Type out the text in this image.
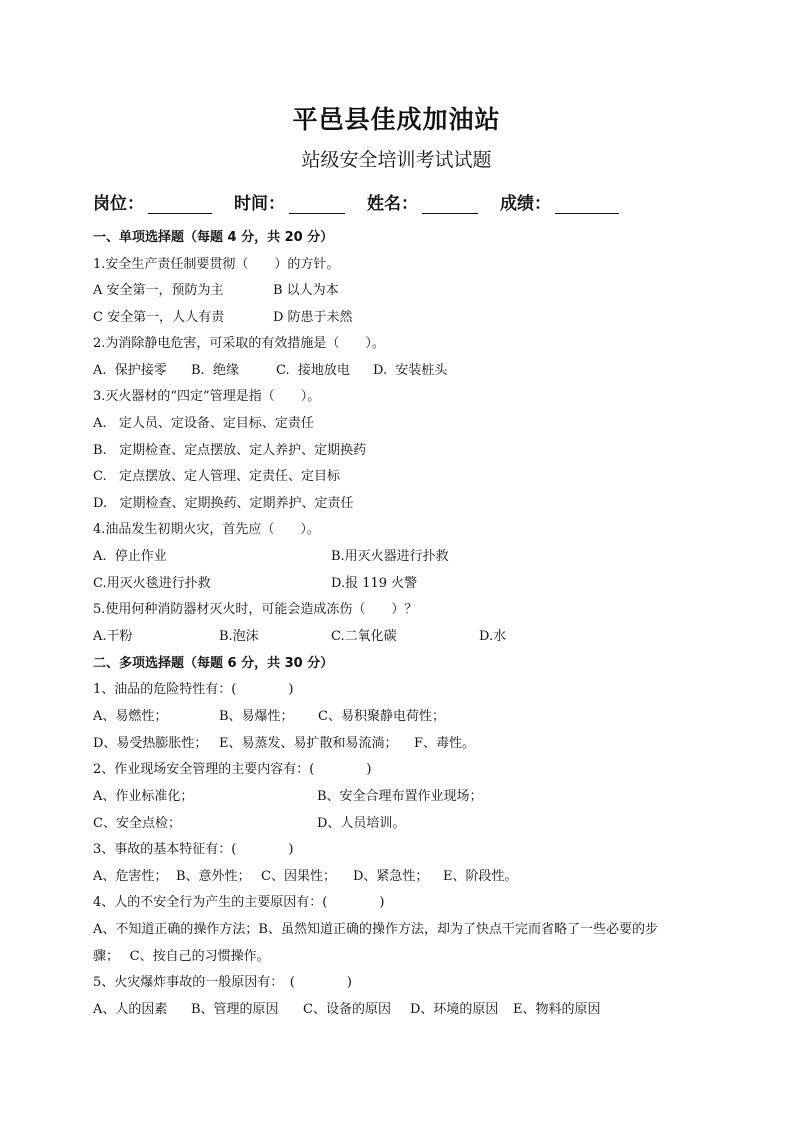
平邑县佳成加油站
站级安全培训考试试题
岗位：	时间：	姓名：	成绩：
一、单项选择题（每题 4 分，共 20 分）
1.安全生产责任制要贯彻（　　）的方针。
A 安全第一，预防为主	B 以人为本
C 安全第一，人人有责	D 防患于未然
2.为消除静电危害，可采取的有效措施是（　　）。
A.  保护接零 B.  绝缘	C.  接地放电 D.  安装桩头
3.灭火器材的“四定”管理是指（　　）。
A.   定人员、定设备、定目标、定责任
B.   定期检查、定点摆放、定人养护、定期换药
C.   定点摆放、定人管理、定责任、定目标
D.   定期检查、定期换药、定期养护、定责任
4.油品发生初期火灾，首先应（　　）。
A.  停止作业	B.用灭火器进行扑救
C.用灭火毯进行扑救	D.报 119 火警
5.使用何种消防器材灭火时，可能会造成冻伤（　　）？
A.干粉	B.泡沫	C.二氧化碳	D.水
二、多项选择题（每题 6 分，共 30 分）
1、油品的危险特性有：(　　　　)
A、易燃性；	B、易爆性； C、易积聚静电荷性；
D、易受热膨胀性； E、易蒸发、易扩散和易流淌； F、毒性。
2、作业现场安全管理的主要内容有：(　　　　)
A、作业标准化；	B、安全合理布置作业现场；
C、安全点检；	D、人员培训。
3、事故的基本特征有：(　　　　)
A、危害性； B、意外性； C、因果性； D、紧急性； E、阶段性。
4、人的不安全行为产生的主要原因有：(　　　　)
A、不知道正确的操作方法；B、虽然知道正确的操作方法，却为了快点干完而省略了一些必要的步
骤；　 C、按自己的习惯操作。
5、火灾爆炸事故的一般原因有：　(　　　　)
A、人的因素 B、管理的原因 C、设备的原因 D、环境的原因 E、物料的原因
